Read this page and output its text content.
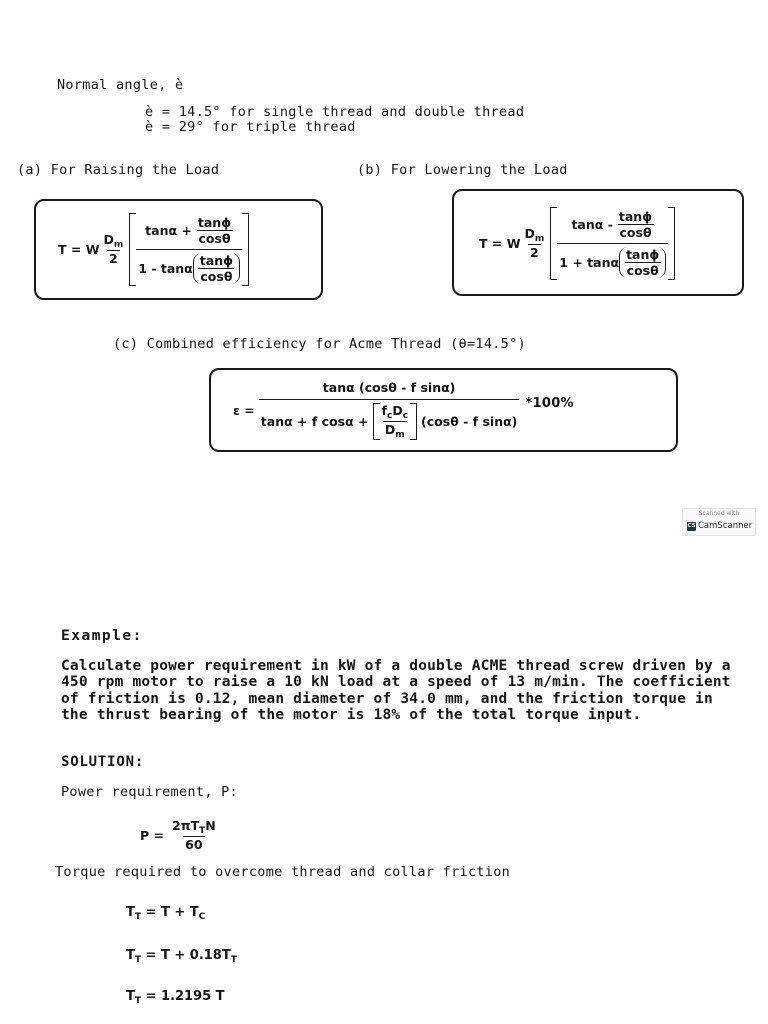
Normal angle, è
è = 14.5° for single thread and double thread
è = 29° for triple thread
(a) For Raising the Load	(b) For Lowering the Load
T = W $\frac{D_m}{2}$
$\tan\alpha + \frac{\tan\phi}{\cos\theta}$
1 - tanα $\frac{\tan\phi}{\cos\theta}$
T = W $\frac{D_m}{2}$
tanα - $\frac{\tan\phi}{\cos\theta}$
1 + tanα $\frac{\tan\phi}{\cos\theta}$
(c) Combined efficiency for Acme Thread (θ=14.5°)
ε =
tanα (cosθ - f sinα)
tanα + f $\cos\alpha + \frac{f_cD_c}{D_m} (\cos\theta - f$ sinα)
*100%
Scanned with
CS CamScanner
Example:
Calculate power requirement in kW of a double ACME thread screw driven by a 450 rpm motor to raise a 10 kN load at a speed of 13 m/min. The coefficient of friction is 0.12, mean diameter of 34.0 mm, and the friction torque in the thrust bearing of the motor is 18% of the total torque input.
SOLUTION:
Power requirement, P:
$P = \frac{2\pi T_TN}{60}$
Torque required to overcome thread and collar friction
$T_T = T + T_C$
$T_T = T + 0.18T_T$
$T_T = 1.2195$ T
